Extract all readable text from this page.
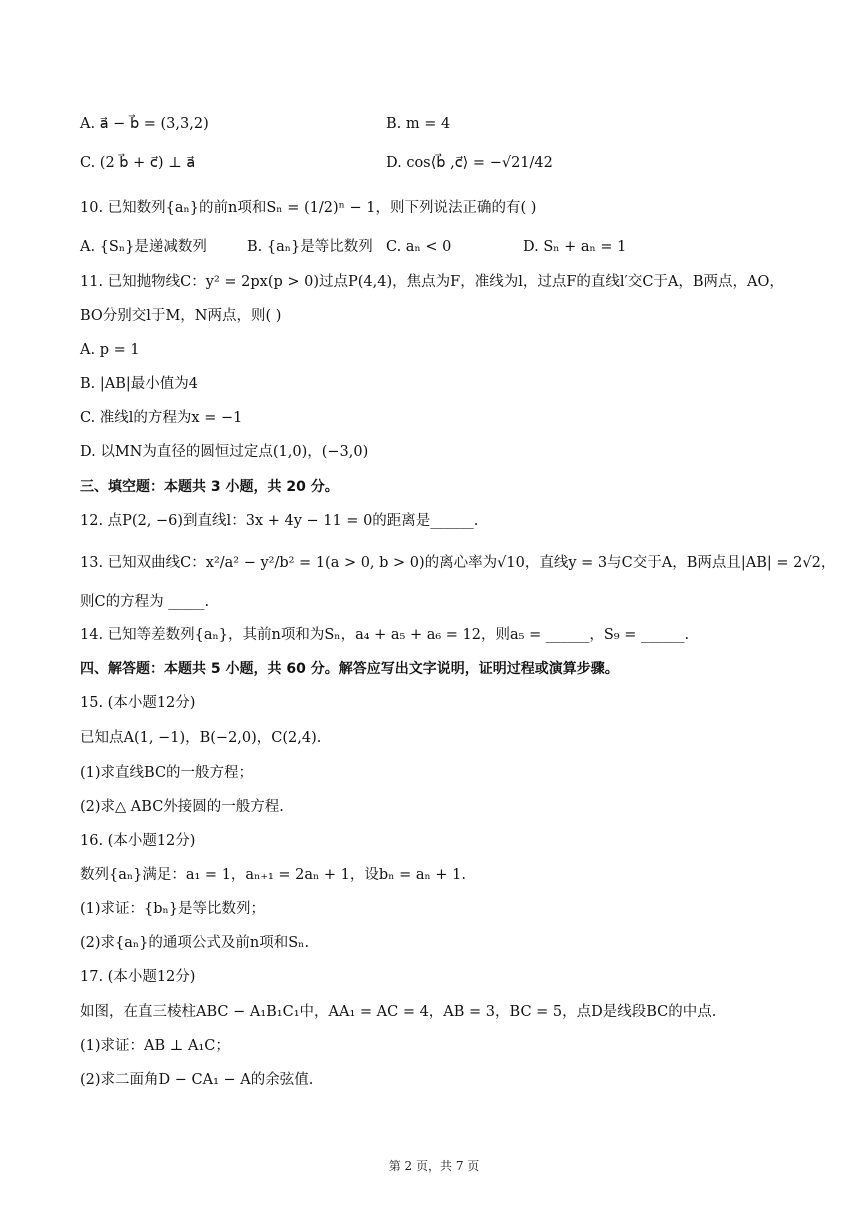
A. a⃗ − b⃗ = (3,3,2)	B. m = 4
C. (2 b⃗ + c⃗) ⊥ a⃗	D. cos⟨b⃗ ,c⃗⟩ = −√21/42
10. 已知数列{aₙ}的前n项和Sₙ = (1/2)ⁿ − 1，则下列说法正确的有( )
A. {Sₙ}是递减数列	B. {aₙ}是等比数列 C. aₙ < 0	D. Sₙ + aₙ = 1
11. 已知抛物线C：y² = 2px(p > 0)过点P(4,4)，焦点为F，准线为l，过点F的直线l′交C于A，B两点，AO，
BO分别交l于M，N两点，则( )
A. p = 1
B. |AB|最小值为4
C. 准线l的方程为x = −1
D. 以MN为直径的圆恒过定点(1,0)，(−3,0)
三、填空题：本题共 3 小题，共 20 分。
12. 点P(2, −6)到直线l：3x + 4y − 11 = 0的距离是______.
13. 已知双曲线C：x²/a² − y²/b² = 1(a > 0, b > 0)的离心率为√10，直线y = 3与C交于A，B两点且|AB| = 2√2，
则C的方程为 _____.
14. 已知等差数列{aₙ}，其前n项和为Sₙ，a₄ + a₅ + a₆ = 12，则a₅ = ______，S₉ = ______.
四、解答题：本题共 5 小题，共 60 分。解答应写出文字说明，证明过程或演算步骤。
15. (本小题12分)
已知点A(1, −1)，B(−2,0)，C(2,4).
(1)求直线BC的一般方程；
(2)求△ ABC外接圆的一般方程.
16. (本小题12分)
数列{aₙ}满足：a₁ = 1，aₙ₊₁ = 2aₙ + 1，设bₙ = aₙ + 1.
(1)求证：{bₙ}是等比数列；
(2)求{aₙ}的通项公式及前n项和Sₙ.
17. (本小题12分)
如图，在直三棱柱ABC − A₁B₁C₁中，AA₁ = AC = 4，AB = 3，BC = 5，点D是线段BC的中点.
(1)求证：AB ⊥ A₁C；
(2)求二面角D − CA₁ − A的余弦值.
第 2 页，共 7 页
